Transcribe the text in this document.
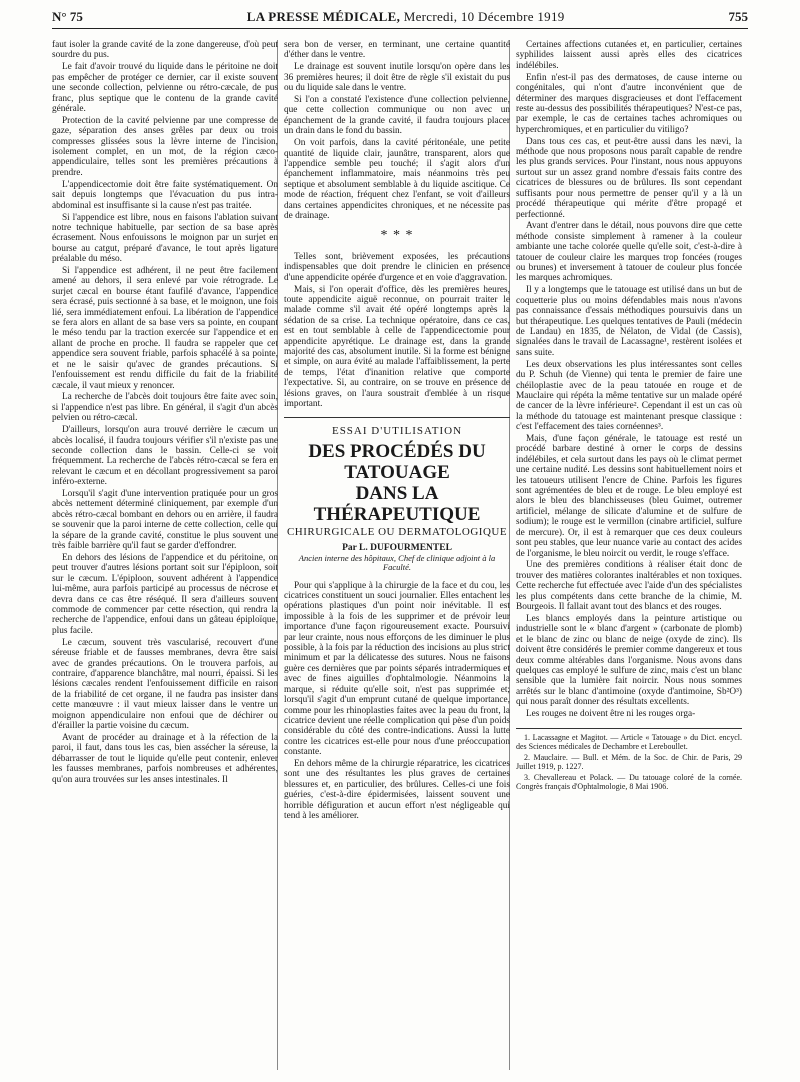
N° 75	LA PRESSE MÉDICALE, Mercredi, 10 Décembre 1919	755

faut isoler la grande cavité de la zone dangereuse, d'où peut sourdre du pus.

Le fait d'avoir trouvé du liquide dans le péritoine ne doit pas empêcher de protéger ce dernier, car il existe souvent une seconde collection, pelvienne ou rétro-cæcale, de pus franc, plus septique que le contenu de la grande cavité générale.

Protection de la cavité pelvienne par une compresse de gaze, séparation des anses grêles par deux ou trois compresses glissées sous la lèvre interne de l'incision, isolement complet, en un mot, de la région cæco-appendiculaire, telles sont les premières précautions à prendre.

L'appendicectomie doit être faite systématiquement. On sait depuis longtemps que l'évacuation du pus intra-abdominal est insuffisante si la cause n'est pas traitée.

Si l'appendice est libre, nous en faisons l'ablation suivant notre technique habituelle, par section de sa base après écrasement. Nous enfouissons le moignon par un surjet en bourse au catgut, préparé d'avance, le tout après ligature préalable du méso.

Si l'appendice est adhérent, il ne peut être facilement amené au dehors, il sera enlevé par voie rétrograde. Le surjet cæcal en bourse étant faufilé d'avance, l'appendice sera écrasé, puis sectionné à sa base, et le moignon, une fois lié, sera immédiatement enfoui. La libération de l'appendice se fera alors en allant de sa base vers sa pointe, en coupant le méso tendu par la traction exercée sur l'appendice et en allant de proche en proche. Il faudra se rappeler que cet appendice sera souvent friable, parfois sphacélé à sa pointe, et ne le saisir qu'avec de grandes précautions. Si l'enfouissement est rendu difficile du fait de la friabilité cæcale, il vaut mieux y renoncer.

La recherche de l'abcès doit toujours être faite avec soin, si l'appendice n'est pas libre. En général, il s'agit d'un abcès pelvien ou rétro-cæcal.

D'ailleurs, lorsqu'on aura trouvé derrière le cæcum un abcès localisé, il faudra toujours vérifier s'il n'existe pas une seconde collection dans le bassin. Celle-ci se voit fréquemment. La recherche de l'abcès rétro-cæcal se fera en relevant le cæcum et en décollant progressivement sa paroi inféro-externe.

Lorsqu'il s'agit d'une intervention pratiquée pour un gros abcès nettement déterminé cliniquement, par exemple d'un abcès rétro-cæcal bombant en dehors ou en arrière, il faudra se souvenir que la paroi interne de cette collection, celle qui la sépare de la grande cavité, constitue le plus souvent une très faible barrière qu'il faut se garder d'effondrer.

En dehors des lésions de l'appendice et du péritoine, on peut trouver d'autres lésions portant soit sur l'épiploon, soit sur le cæcum. L'épiploon, souvent adhérent à l'appendice lui-même, aura parfois participé au processus de nécrose et devra dans ce cas être réséqué. Il sera d'ailleurs souvent commode de commencer par cette résection, qui rendra la recherche de l'appendice, enfoui dans un gâteau épiploïque, plus facile.

Le cæcum, souvent très vascularisé, recouvert d'une séreuse friable et de fausses membranes, devra être saisi avec de grandes précautions. On le trouvera parfois, au contraire, d'apparence blanchâtre, mal nourri, épaissi. Si les lésions cæcales rendent l'enfouissement difficile en raison de la friabilité de cet organe, il ne faudra pas insister dans cette manœuvre : il vaut mieux laisser dans le ventre un moignon appendiculaire non enfoui que de déchirer ou d'érailler la partie voisine du cæcum.

Avant de procéder au drainage et à la réfection de la paroi, il faut, dans tous les cas, bien assécher la séreuse, la débarrasser de tout le liquide qu'elle peut contenir, enlever les fausses membranes, parfois nombreuses et adhérentes, qu'on aura trouvées sur les anses intestinales. Il

sera bon de verser, en terminant, une certaine quantité d'éther dans le ventre.

Le drainage est souvent inutile lorsqu'on opère dans les 36 premières heures; il doit être de règle s'il existait du pus ou du liquide sale dans le ventre.

Si l'on a constaté l'existence d'une collection pelvienne, que cette collection communique ou non avec un épanchement de la grande cavité, il faudra toujours placer un drain dans le fond du bassin.

On voit parfois, dans la cavité péritonéale, une petite quantité de liquide clair, jaunâtre, transparent, alors que l'appendice semble peu touché; il s'agit alors d'un épanchement inflammatoire, mais néanmoins très peu septique et absolument semblable à du liquide ascitique. Ce mode de réaction, fréquent chez l'enfant, se voit d'ailleurs dans certaines appendicites chroniques, et ne nécessite pas de drainage.

* * *

Telles sont, brièvement exposées, les précautions indispensables que doit prendre le clinicien en présence d'une appendicite opérée d'urgence et en voie d'aggravation.

Mais, si l'on operait d'office, dès les premières heures, toute appendicite aiguë reconnue, on pourrait traiter le malade comme s'il avait été opéré longtemps après la sédation de sa crise. La technique opératoire, dans ce cas, est en tout semblable à celle de l'appendicectomie pour appendicite apyrétique. Le drainage est, dans la grande majorité des cas, absolument inutile. Si la forme est bénigne et simple, on aura évité au malade l'affaiblissement, la perte de temps, l'état d'inanition relative que comporte l'expectative. Si, au contraire, on se trouve en présence de lésions graves, on l'aura soustrait d'emblée à un risque important.

ESSAI D'UTILISATION
DES PROCÉDÉS DU TATOUAGE
DANS LA THÉRAPEUTIQUE
CHIRURGICALE OU DERMATOLOGIQUE
Par L. DUFOURMENTEL
Ancien interne des hôpitaux, Chef de clinique adjoint à la Faculté.

Pour qui s'applique à la chirurgie de la face et du cou, les cicatrices constituent un souci journalier. Elles entachent les opérations plastiques d'un point noir inévitable. Il est impossible à la fois de les supprimer et de prévoir leur importance d'une façon rigoureusement exacte. Poursuivi par leur crainte, nous nous efforçons de les diminuer le plus possible, à la fois par la réduction des incisions au plus strict minimum et par la délicatesse des sutures. Nous ne faisons guère ces dernières que par points séparés intradermiques et avec de fines aiguilles d'ophtalmologie. Néanmoins la marque, si réduite qu'elle soit, n'est pas supprimée et; lorsqu'il s'agit d'un emprunt cutané de quelque importance, comme pour les rhinoplasties faites avec la peau du front, la cicatrice devient une réelle complication qui pèse d'un poids considérable du côté des contre-indications. Aussi la lutte contre les cicatrices est-elle pour nous d'une préoccupation constante.

En dehors même de la chirurgie réparatrice, les cicatrices sont une des résultantes les plus graves de certaines blessures et, en particulier, des brûlures. Celles-ci une fois guéries, c'est-à-dire épidermisées, laissent souvent une horrible défiguration et aucun effort n'est négligeable qui tend à les améliorer.

Certaines affections cutanées et, en particulier, certaines syphilides laissent aussi après elles des cicatrices indélébiles.

Enfin n'est-il pas des dermatoses, de cause interne ou congénitales, qui n'ont d'autre inconvénient que de déterminer des marques disgracieuses et dont l'effacement reste au-dessus des possibilités thérapeutiques? N'est-ce pas, par exemple, le cas de certaines taches achromiques ou hyperchromiques, et en particulier du vitiligo?

Dans tous ces cas, et peut-être aussi dans les nævi, la méthode que nous proposons nous paraît capable de rendre les plus grands services. Pour l'instant, nous nous appuyons surtout sur un assez grand nombre d'essais faits contre des cicatrices de blessures ou de brûlures. Ils sont cependant suffisants pour nous permettre de penser qu'il y a là un procédé thérapeutique qui mérite d'être propagé et perfectionné.

Avant d'entrer dans le détail, nous pouvons dire que cette méthode consiste simplement à ramener à la couleur ambiante une tache colorée quelle qu'elle soit, c'est-à-dire à tatouer de couleur claire les marques trop foncées (rouges ou brunes) et inversement à tatouer de couleur plus foncée les marques achromiques.

Il y a longtemps que le tatouage est utilisé dans un but de coquetterie plus ou moins défendables mais nous n'avons pas connaissance d'essais méthodiques poursuivis dans un but thérapeutique. Les quelques tentatives de Pauli (médecin de Landau) en 1835, de Nélaton, de Vidal (de Cassis), signalées dans le travail de Lacassagne¹, restèrent isolées et sans suite.

Les deux observations les plus intéressantes sont celles du P. Schuh (de Vienne) qui tenta le premier de faire une chéiloplastie avec de la peau tatouée en rouge et de Mauclaire qui répéta la même tentative sur un malade opéré de cancer de la lèvre inférieure². Cependant il est un cas où la méthode du tatouage est maintenant presque classique : c'est l'effacement des taies cornéennes³.

Mais, d'une façon générale, le tatouage est resté un procédé barbare destiné à orner le corps de dessins indélébiles, et cela surtout dans les pays où le climat permet une certaine nudité. Les dessins sont habituellement noirs et les tatoueurs utilisent l'encre de Chine. Parfois les figures sont agrémentées de bleu et de rouge. Le bleu employé est alors le bleu des blanchisseuses (bleu Guimet, outremer artificiel, mélange de silicate d'alumine et de sulfure de sodium); le rouge est le vermillon (cinabre artificiel, sulfure de mercure). Or, il est à remarquer que ces deux couleurs sont peu stables, que leur nuance varie au contact des acides de l'organisme, le bleu noircit ou verdit, le rouge s'efface.

Une des premières conditions à réaliser était donc de trouver des matières colorantes inaltérables et non toxiques. Cette recherche fut effectuée avec l'aide d'un des spécialistes les plus compétents dans cette branche de la chimie, M. Bourgeois. Il fallait avant tout des blancs et des rouges.

Les blancs employés dans la peinture artistique ou industrielle sont le « blanc d'argent » (carbonate de plomb) et le blanc de zinc ou blanc de neige (oxyde de zinc). Ils doivent être considérés le premier comme dangereux et tous deux comme altérables dans l'organisme. Nous avons dans quelques cas employé le sulfure de zinc, mais c'est un blanc sensible que la lumière fait noircir. Nous nous sommes arrêtés sur le blanc d'antimoine (oxyde d'antimoine, Sb²O³) qui nous paraît donner des résultats excellents.

Les rouges ne doivent être ni les rouges orga-

1. Lacassagne et Magitot. — Article « Tatouage » du Dict. encycl. des Sciences médicales de Dechambre et Lereboullet.

2. Mauclaire. — Bull. et Mém. de la Soc. de Chir. de Paris, 29 Juillet 1919, p. 1227.

3. Chevallereau et Polack. — Du tatouage coloré de la cornée. Congrès français d'Ophtalmologie, 8 Mai 1906.
